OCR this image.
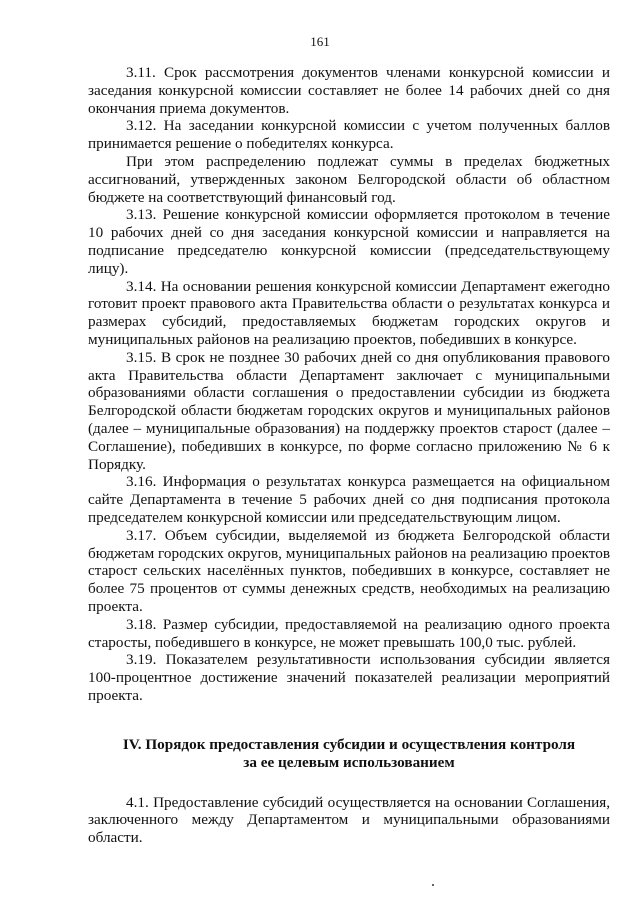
161

3.11. Срок рассмотрения документов членами конкурсной комиссии и заседания конкурсной комиссии составляет не более 14 рабочих дней со дня окончания приема документов.

3.12. На заседании конкурсной комиссии с учетом полученных баллов принимается решение о победителях конкурса.

При этом распределению подлежат суммы в пределах бюджетных ассигнований, утвержденных законом Белгородской области об областном бюджете на соответствующий финансовый год.

3.13. Решение конкурсной комиссии оформляется протоколом в течение 10 рабочих дней со дня заседания конкурсной комиссии и направляется на подписание председателю конкурсной комиссии (председательствующему лицу).

3.14. На основании решения конкурсной комиссии Департамент ежегодно готовит проект правового акта Правительства области о результатах конкурса и размерах субсидий, предоставляемых бюджетам городских округов и муниципальных районов на реализацию проектов, победивших в конкурсе.

3.15. В срок не позднее 30 рабочих дней со дня опубликования правового акта Правительства области Департамент заключает с муниципальными образованиями области соглашения о предоставлении субсидии из бюджета Белгородской области бюджетам городских округов и муниципальных районов (далее – муниципальные образования) на поддержку проектов старост (далее – Соглашение), победивших в конкурсе, по форме согласно приложению № 6 к Порядку.

3.16. Информация о результатах конкурса размещается на официальном сайте Департамента в течение 5 рабочих дней со дня подписания протокола председателем конкурсной комиссии или председательствующим лицом.

3.17. Объем субсидии, выделяемой из бюджета Белгородской области бюджетам городских округов, муниципальных районов на реализацию проектов старост сельских населённых пунктов, победивших в конкурсе, составляет не более 75 процентов от суммы денежных средств, необходимых на реализацию проекта.

3.18. Размер субсидии, предоставляемой на реализацию одного проекта старосты, победившего в конкурсе, не может превышать 100,0 тыс. рублей.

3.19. Показателем результативности использования субсидии является 100-процентное достижение значений показателей реализации мероприятий проекта.

IV. Порядок предоставления субсидии и осуществления контроля
за ее целевым использованием

4.1. Предоставление субсидий осуществляется на основании Соглашения, заключенного между Департаментом и муниципальными образованиями области.
